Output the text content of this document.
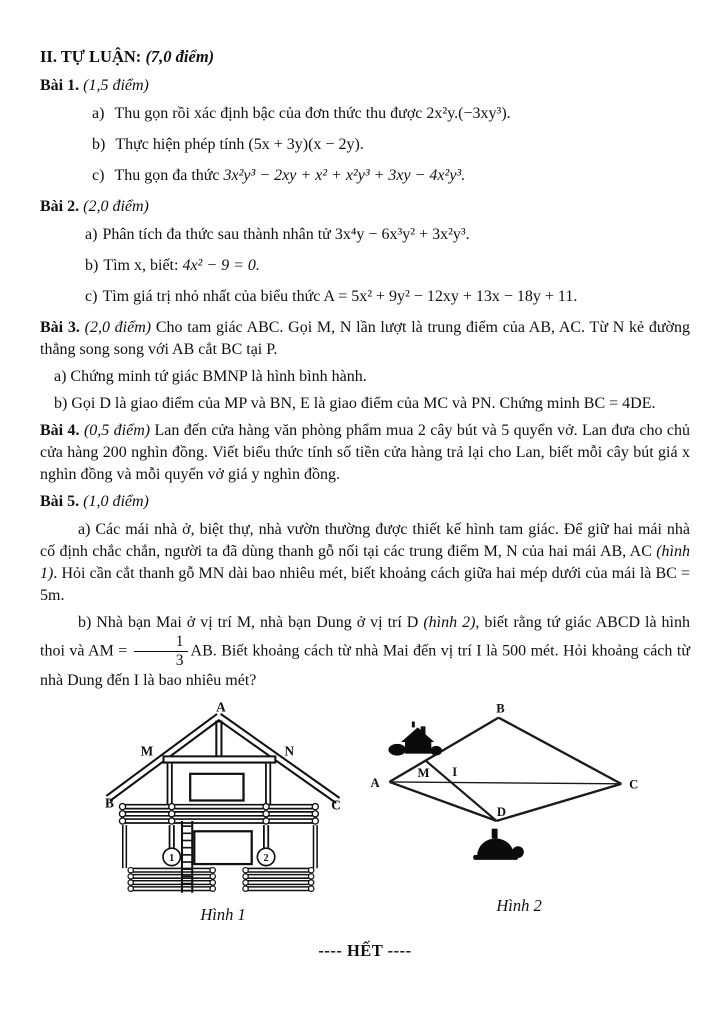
II. TỰ LUẬN: (7,0 điểm)

Bài 1. (1,5 điểm)

a) Thu gọn rồi xác định bậc của đơn thức thu được 2x²y.(−3xy³).

b) Thực hiện phép tính (5x + 3y)(x − 2y).

c) Thu gọn đa thức 3x²y³ − 2xy + x² + x²y³ + 3xy − 4x²y³.

Bài 2. (2,0 điểm)

a) Phân tích đa thức sau thành nhân tử 3x⁴y − 6x³y² + 3x²y³.

b) Tìm x, biết: 4x² − 9 = 0.

c) Tìm giá trị nhỏ nhất của biểu thức A = 5x² + 9y² − 12xy + 13x − 18y + 11.

Bài 3. (2,0 điểm) Cho tam giác ABC. Gọi M, N lần lượt là trung điểm của AB, AC. Từ N kẻ đường thẳng song song với AB cắt BC tại P.

a) Chứng minh tứ giác BMNP là hình bình hành.

b) Gọi D là giao điểm của MP và BN, E là giao điểm của MC và PN. Chứng minh BC = 4DE.

Bài 4. (0,5 điểm) Lan đến cửa hàng văn phòng phẩm mua 2 cây bút và 5 quyển vở. Lan đưa cho chủ cửa hàng 200 nghìn đồng. Viết biểu thức tính số tiền cửa hàng trả lại cho Lan, biết mỗi cây bút giá x nghìn đồng và mỗi quyển vở giá y nghìn đồng.

Bài 5. (1,0 điểm)

a) Các mái nhà ở, biệt thự, nhà vườn thường được thiết kế hình tam giác. Để giữ hai mái nhà cố định chắc chắn, người ta đã dùng thanh gỗ nối tại các trung điểm M, N của hai mái AB, AC (hình 1). Hỏi cần cắt thanh gỗ MN dài bao nhiêu mét, biết khoảng cách giữa hai mép dưới của mái là BC = 5m.

b) Nhà bạn Mai ở vị trí M, nhà bạn Dung ở vị trí D (hình 2), biết rằng tứ giác ABCD là hình thoi và AM = $\frac{1}{3}$ AB. Biết khoảng cách từ nhà Mai đến vị trí I là 500 mét. Hỏi khoảng cách từ nhà Dung đến I là bao nhiêu mét?

1	2
A
M	N
B	C
Hình 1
A
B
C
D
M I
Hình 2

---- HẾT ----
